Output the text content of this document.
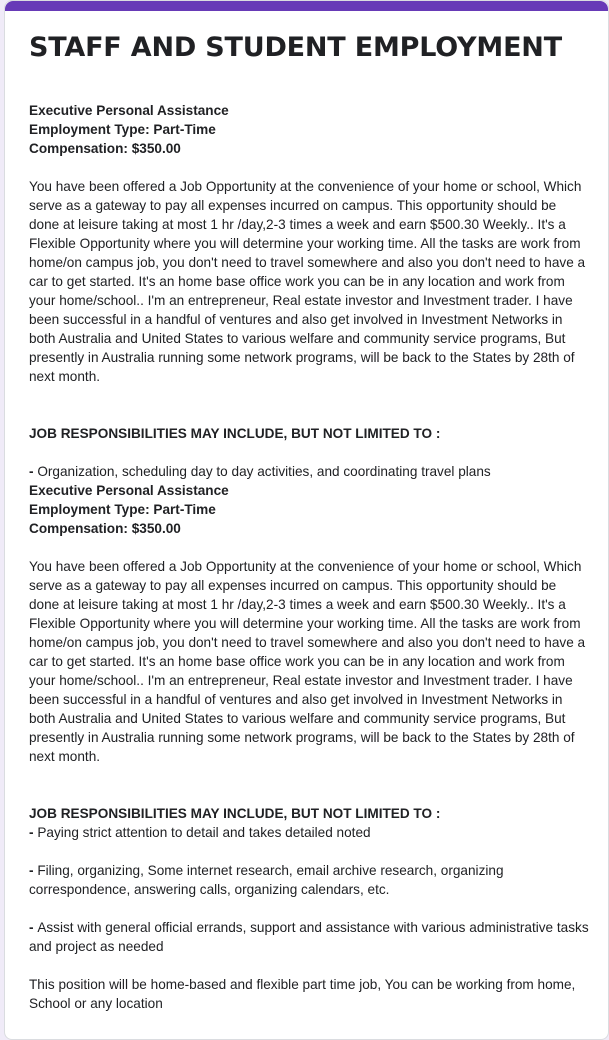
STAFF AND STUDENT EMPLOYMENT

Executive Personal Assistance

Employment Type: Part-Time

Compensation: $350.00

You have been offered a Job Opportunity at the convenience of your home or school, Which serve as a gateway to pay all expenses incurred on campus. This opportunity should be done at leisure taking at most 1 hr /day,2-3 times a week and earn $500.30 Weekly.. It's a Flexible Opportunity where you will determine your working time. All the tasks are work from home/on campus job, you don't need to travel somewhere and also you don't need to have a car to get started. It's an home base office work you can be in any location and work from your home/school.. I'm an entrepreneur, Real estate investor and Investment trader. I have been successful in a handful of ventures and also get involved in Investment Networks in both Australia and United States to various welfare and community service programs, But presently in Australia running some network programs, will be back to the States by 28th of next month.

JOB RESPONSIBILITIES MAY INCLUDE, BUT NOT LIMITED TO :

- Organization, scheduling day to day activities, and coordinating travel plans

Executive Personal Assistance

Employment Type: Part-Time

Compensation: $350.00

You have been offered a Job Opportunity at the convenience of your home or school, Which serve as a gateway to pay all expenses incurred on campus. This opportunity should be done at leisure taking at most 1 hr /day,2-3 times a week and earn $500.30 Weekly.. It's a Flexible Opportunity where you will determine your working time. All the tasks are work from home/on campus job, you don't need to travel somewhere and also you don't need to have a car to get started. It's an home base office work you can be in any location and work from your home/school.. I'm an entrepreneur, Real estate investor and Investment trader. I have been successful in a handful of ventures and also get involved in Investment Networks in both Australia and United States to various welfare and community service programs, But presently in Australia running some network programs, will be back to the States by 28th of next month.

JOB RESPONSIBILITIES MAY INCLUDE, BUT NOT LIMITED TO :

- Paying strict attention to detail and takes detailed noted

- Filing, organizing, Some internet research, email archive research, organizing correspondence, answering calls, organizing calendars, etc.

- Assist with general official errands, support and assistance with various administrative tasks and project as needed

This position will be home-based and flexible part time job, You can be working from home, School or any location
